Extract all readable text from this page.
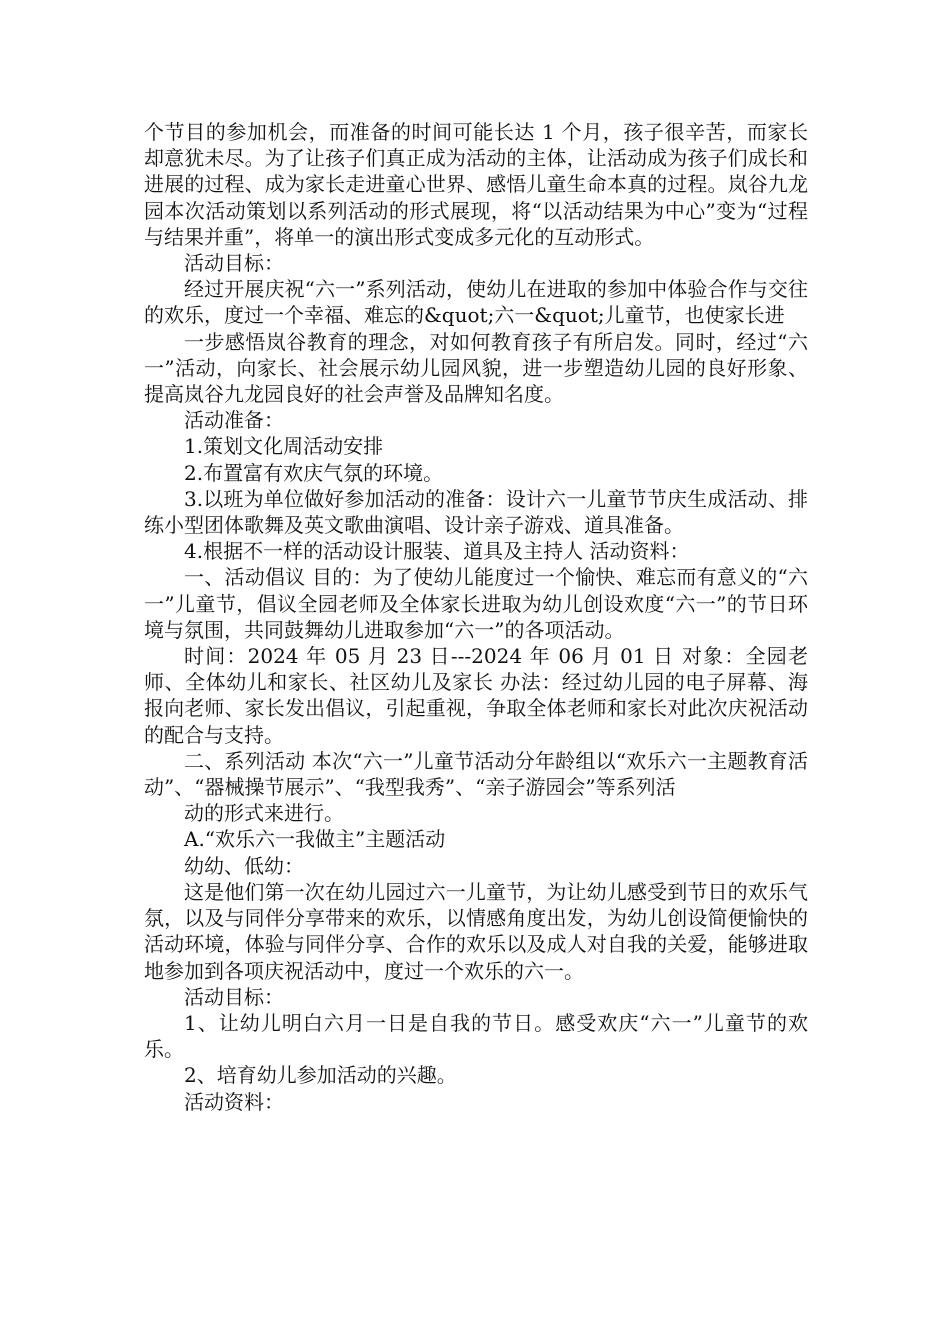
个节目的参加机会，而准备的时间可能长达 1 个月，孩子很辛苦，而家长却意犹未尽。为了让孩子们真正成为活动的主体，让活动成为孩子们成长和进展的过程、成为家长走进童心世界、感悟儿童生命本真的过程。岚谷九龙园本次活动策划以系列活动的形式展现，将“以活动结果为中心”变为“过程与结果并重”，将单一的演出形式变成多元化的互动形式。

活动目标：

经过开展庆祝“六一”系列活动，使幼儿在进取的参加中体验合作与交往的欢乐，度过一个幸福、难忘的&quot;六一&quot;儿童节，也使家长进

一步感悟岚谷教育的理念，对如何教育孩子有所启发。同时，经过“六一”活动，向家长、社会展示幼儿园风貌，进一步塑造幼儿园的良好形象、提高岚谷九龙园良好的社会声誉及品牌知名度。

活动准备：

1.策划文化周活动安排

2.布置富有欢庆气氛的环境。

3.以班为单位做好参加活动的准备：设计六一儿童节节庆生成活动、排练小型团体歌舞及英文歌曲演唱、设计亲子游戏、道具准备。

4.根据不一样的活动设计服装、道具及主持人 活动资料：

一、活动倡议 目的：为了使幼儿能度过一个愉快、难忘而有意义的“六一”儿童节，倡议全园老师及全体家长进取为幼儿创设欢度“六一”的节日环境与氛围，共同鼓舞幼儿进取参加“六一”的各项活动。

时间：2024 年 05 月 23 日---2024 年 06 月 01 日 对象：全园老师、全体幼儿和家长、社区幼儿及家长 办法：经过幼儿园的电子屏幕、海报向老师、家长发出倡议，引起重视，争取全体老师和家长对此次庆祝活动的配合与支持。

二、系列活动 本次“六一”儿童节活动分年龄组以“欢乐六一主题教育活动”、“器械操节展示”、“我型我秀”、“亲子游园会”等系列活

动的形式来进行。

A.“欢乐六一我做主”主题活动

幼幼、低幼：

这是他们第一次在幼儿园过六一儿童节，为让幼儿感受到节日的欢乐气氛，以及与同伴分享带来的欢乐，以情感角度出发，为幼儿创设简便愉快的活动环境，体验与同伴分享、合作的欢乐以及成人对自我的关爱，能够进取地参加到各项庆祝活动中，度过一个欢乐的六一。

活动目标：

1、让幼儿明白六月一日是自我的节日。感受欢庆“六一”儿童节的欢乐。

2、培育幼儿参加活动的兴趣。

活动资料：
